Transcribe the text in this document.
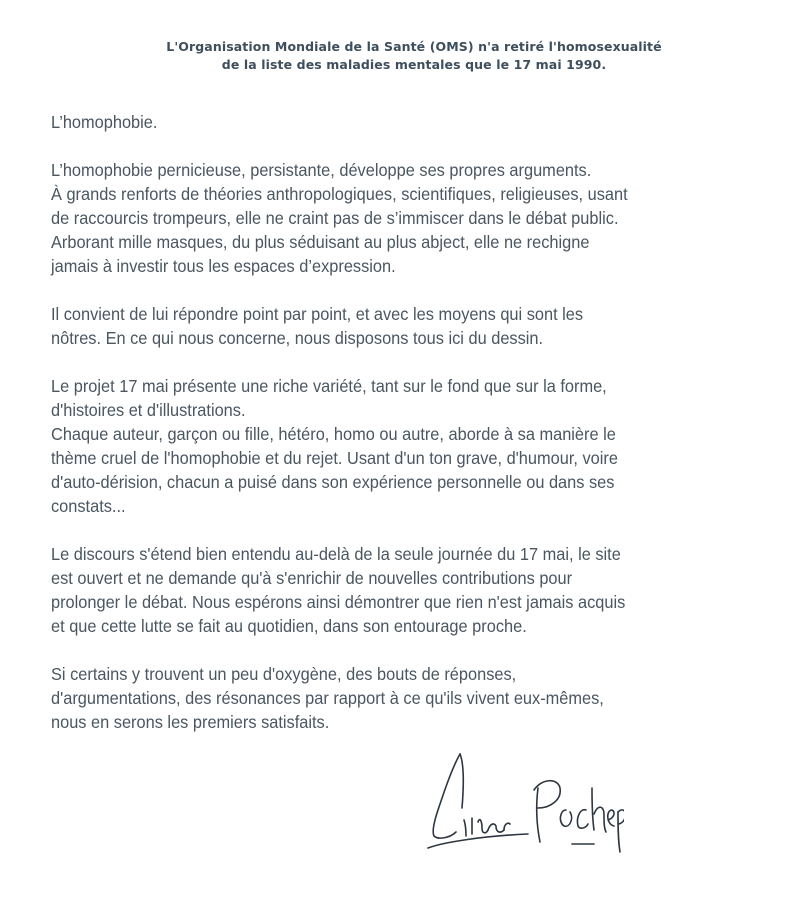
L'Organisation Mondiale de la Santé (OMS) n'a retiré l'homosexualité
de la liste des maladies mentales que le 17 mai 1990.

L’homophobie.

L’homophobie pernicieuse, persistante, développe ses propres arguments.
À grands renforts de théories anthropologiques, scientifiques, religieuses, usant
de raccourcis trompeurs, elle ne craint pas de s’immiscer dans le débat public.
Arborant mille masques, du plus séduisant au plus abject, elle ne rechigne
jamais à investir tous les espaces d’expression.

Il convient de lui répondre point par point, et avec les moyens qui sont les
nôtres. En ce qui nous concerne, nous disposons tous ici du dessin.

Le projet 17 mai présente une riche variété, tant sur le fond que sur la forme,
d'histoires et d'illustrations.
Chaque auteur, garçon ou fille, hétéro, homo ou autre, aborde à sa manière le
thème cruel de l'homophobie et du rejet. Usant d'un ton grave, d'humour, voire
d'auto-dérision, chacun a puisé dans son expérience personnelle ou dans ses
constats...

Le discours s'étend bien entendu au-delà de la seule journée du 17 mai, le site
est ouvert et ne demande qu'à s'enrichir de nouvelles contributions pour
prolonger le débat. Nous espérons ainsi démontrer que rien n'est jamais acquis
et que cette lutte se fait au quotidien, dans son entourage proche.

Si certains y trouvent un peu d'oxygène, des bouts de réponses,
d'argumentations, des résonances par rapport à ce qu'ils vivent eux-mêmes,
nous en serons les premiers satisfaits.
